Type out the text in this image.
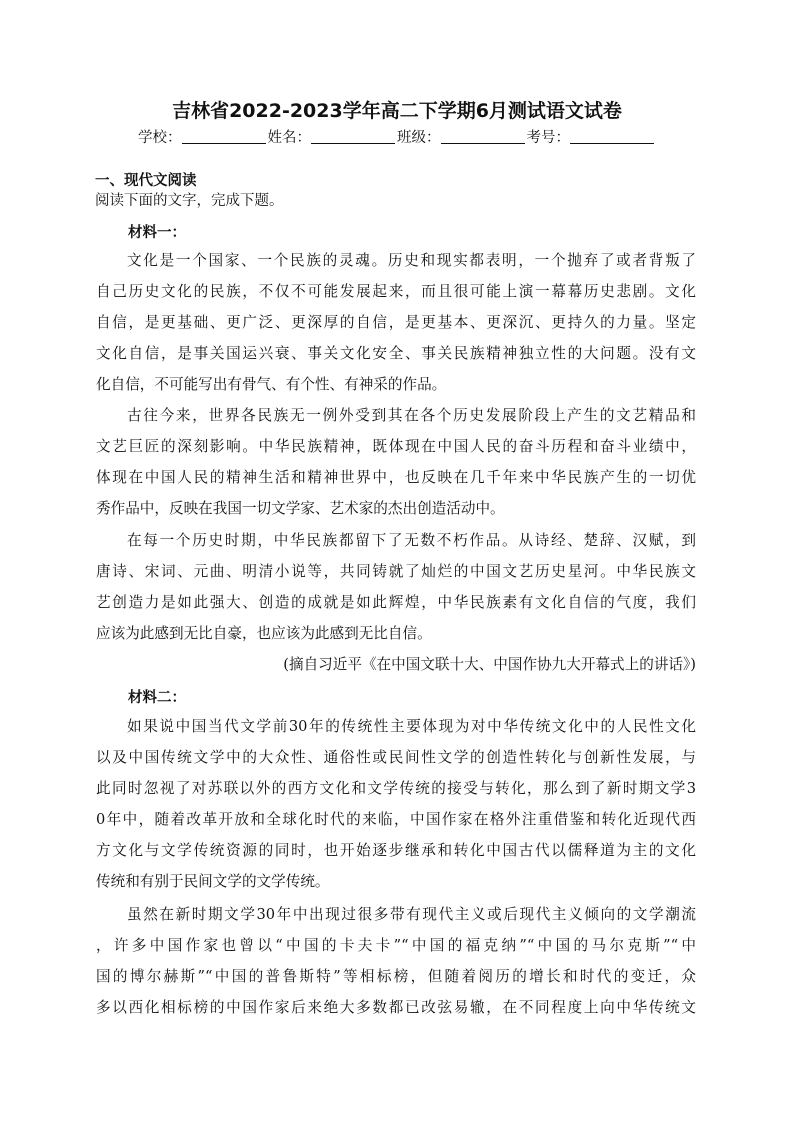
吉林省2022-2023学年高二下学期6月测试语文试卷
学校：	姓名：	班级：	考号：
一、现代文阅读
阅读下面的文字，完成下题。
材料一：
文化是一个国家、一个民族的灵魂。历史和现实都表明，一个抛弃了或者背叛了
自己历史文化的民族，不仅不可能发展起来，而且很可能上演一幕幕历史悲剧。文化
自信，是更基础、更广泛、更深厚的自信，是更基本、更深沉、更持久的力量。坚定
文化自信，是事关国运兴衰、事关文化安全、事关民族精神独立性的大问题。没有文
化自信，不可能写出有骨气、有个性、有神采的作品。
古往今来，世界各民族无一例外受到其在各个历史发展阶段上产生的文艺精品和
文艺巨匠的深刻影响。中华民族精神，既体现在中国人民的奋斗历程和奋斗业绩中，
体现在中国人民的精神生活和精神世界中，也反映在几千年来中华民族产生的一切优
秀作品中，反映在我国一切文学家、艺术家的杰出创造活动中。
在每一个历史时期，中华民族都留下了无数不朽作品。从诗经、楚辞、汉赋，到
唐诗、宋词、元曲、明清小说等，共同铸就了灿烂的中国文艺历史星河。中华民族文
艺创造力是如此强大、创造的成就是如此辉煌，中华民族素有文化自信的气度，我们
应该为此感到无比自豪，也应该为此感到无比自信。
(摘自习近平《在中国文联十大、中国作协九大开幕式上的讲话》)
材料二：
如果说中国当代文学前30年的传统性主要体现为对中华传统文化中的人民性文化
以及中国传统文学中的大众性、通俗性或民间性文学的创造性转化与创新性发展，与
此同时忽视了对苏联以外的西方文化和文学传统的接受与转化，那么到了新时期文学3
0年中，随着改革开放和全球化时代的来临，中国作家在格外注重借鉴和转化近现代西
方文化与文学传统资源的同时，也开始逐步继承和转化中国古代以儒释道为主的文化
传统和有别于民间文学的文学传统。
虽然在新时期文学30年中出现过很多带有现代主义或后现代主义倾向的文学潮流
，许多中国作家也曾以“中国的卡夫卡”“中国的福克纳”“中国的马尔克斯”“中
国的博尔赫斯”“中国的普鲁斯特”等相标榜，但随着阅历的增长和时代的变迁，众
多以西化相标榜的中国作家后来绝大多数都已改弦易辙，在不同程度上向中华传统文
